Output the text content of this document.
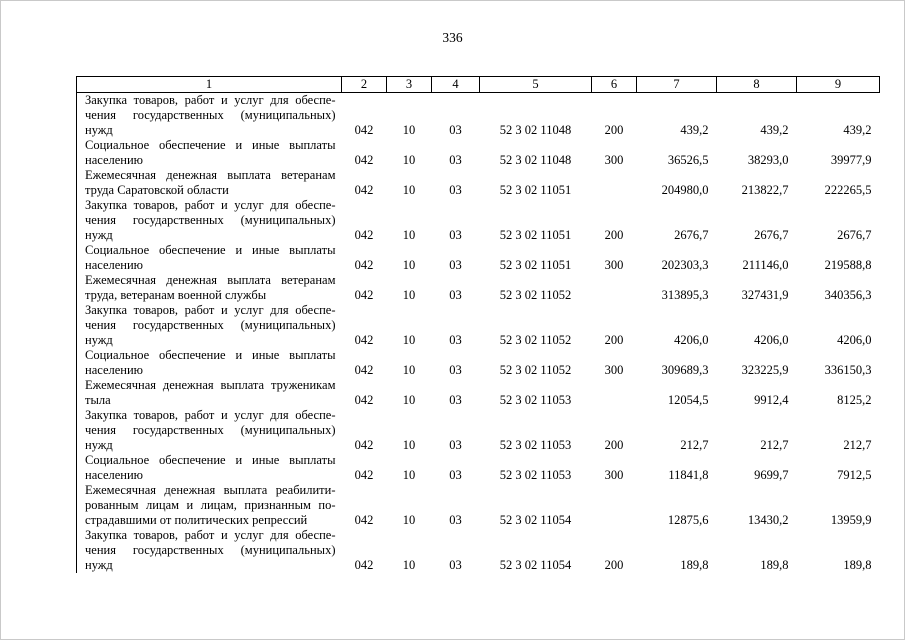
336
1	2	3	4	5	6	7	8	9
Закупка товаров, работ и услуг для обеспечения государственных (муниципальных) нужд	042	10	03	52 3 02 11048	200	439,2	439,2	439,2
Социальное обеспечение и иные выплаты населению	042	10	03	52 3 02 11048	300	36526,5	38293,0	39977,9
Ежемесячная денежная выплата ветеранам труда Саратовской области	042	10	03	52 3 02 11051		204980,0	213822,7	222265,5
Закупка товаров, работ и услуг для обеспечения государственных (муниципальных) нужд	042	10	03	52 3 02 11051	200	2676,7	2676,7	2676,7
Социальное обеспечение и иные выплаты населению	042	10	03	52 3 02 11051	300	202303,3	211146,0	219588,8
Ежемесячная денежная выплата ветеранам труда, ветеранам военной службы	042	10	03	52 3 02 11052		313895,3	327431,9	340356,3
Закупка товаров, работ и услуг для обеспечения государственных (муниципальных) нужд	042	10	03	52 3 02 11052	200	4206,0	4206,0	4206,0
Социальное обеспечение и иные выплаты населению	042	10	03	52 3 02 11052	300	309689,3	323225,9	336150,3
Ежемесячная денежная выплата труженикам тыла	042	10	03	52 3 02 11053		12054,5	9912,4	8125,2
Закупка товаров, работ и услуг для обеспечения государственных (муниципальных) нужд	042	10	03	52 3 02 11053	200	212,7	212,7	212,7
Социальное обеспечение и иные выплаты населению	042	10	03	52 3 02 11053	300	11841,8	9699,7	7912,5
Ежемесячная денежная выплата реабилитированным лицам и лицам, признанным пострадавшими от политических репрессий	042	10	03	52 3 02 11054		12875,6	13430,2	13959,9
Закупка товаров, работ и услуг для обеспечения государственных (муниципальных) нужд	042	10	03	52 3 02 11054	200	189,8	189,8	189,8
